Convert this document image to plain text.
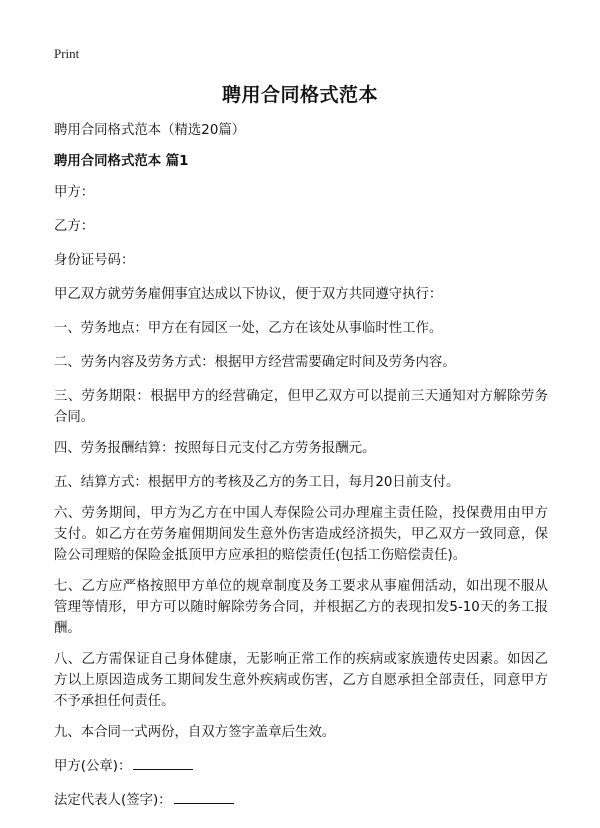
Print
聘用合同格式范本

聘用合同格式范本（精选20篇）

聘用合同格式范本 篇1

甲方：

乙方：

身份证号码：

甲乙双方就劳务雇佣事宜达成以下协议，便于双方共同遵守执行：

一、劳务地点：甲方在有园区一处，乙方在该处从事临时性工作。

二、劳务内容及劳务方式：根据甲方经营需要确定时间及劳务内容。

三、劳务期限：根据甲方的经营确定，但甲乙双方可以提前三天通知对方解除劳务合同。

四、劳务报酬结算：按照每日元支付乙方劳务报酬元。

五、结算方式：根据甲方的考核及乙方的务工日，每月20日前支付。

六、劳务期间，甲方为乙方在中国人寿保险公司办理雇主责任险，投保费用由甲方支付。如乙方在劳务雇佣期间发生意外伤害造成经济损失，甲乙双方一致同意，保险公司理赔的保险金抵顶甲方应承担的赔偿责任(包括工伤赔偿责任)。

七、乙方应严格按照甲方单位的规章制度及务工要求从事雇佣活动，如出现不服从管理等情形，甲方可以随时解除劳务合同，并根据乙方的表现扣发5-10天的务工报酬。

八、乙方需保证自己身体健康，无影响正常工作的疾病或家族遗传史因素。如因乙方以上原因造成务工期间发生意外疾病或伤害，乙方自愿承担全部责任，同意甲方不予承担任何责任。

九、本合同一式两份，自双方签字盖章后生效。

甲方(公章)：

法定代表人(签字)：
